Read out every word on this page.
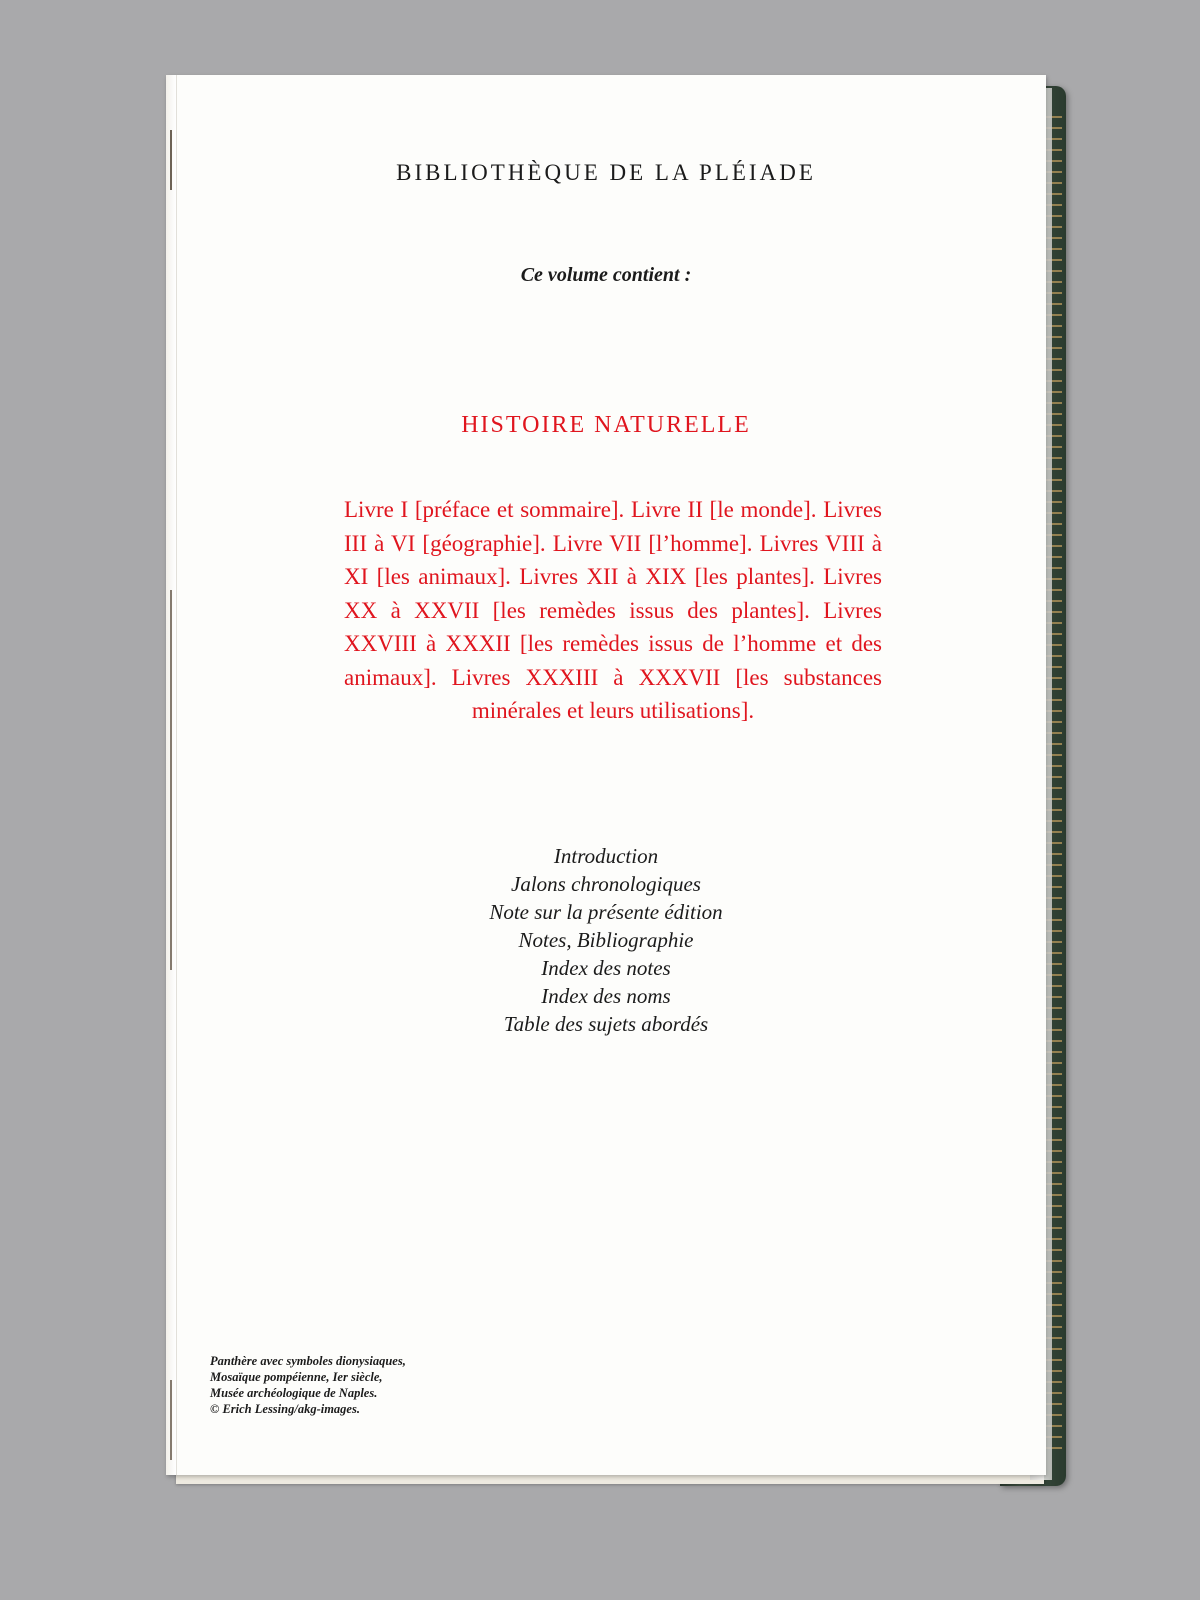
BIBLIOTHÈQUE DE LA PLÉIADE
Ce volume contient :
HISTOIRE NATURELLE

Livre I [préface et sommaire]. Livre II [le monde]. Livres III à VI [géographie]. Livre VII [l’homme]. Livres VIII à XI [les animaux]. Livres XII à XIX [les plantes]. Livres XX à XXVII [les remèdes issus des plantes]. Livres XXVIII à XXXII [les remèdes issus de l’homme et des animaux]. Livres XXXIII à XXXVII [les substances minérales et leurs utilisations].

Introduction
Jalons chronologiques
Note sur la présente édition
Notes, Bibliographie
Index des notes
Index des noms
Table des sujets abordés

Panthère avec symboles dionysiaques,
Mosaïque pompéienne, Ier siècle,
Musée archéologique de Naples.
© Erich Lessing/akg-images.
